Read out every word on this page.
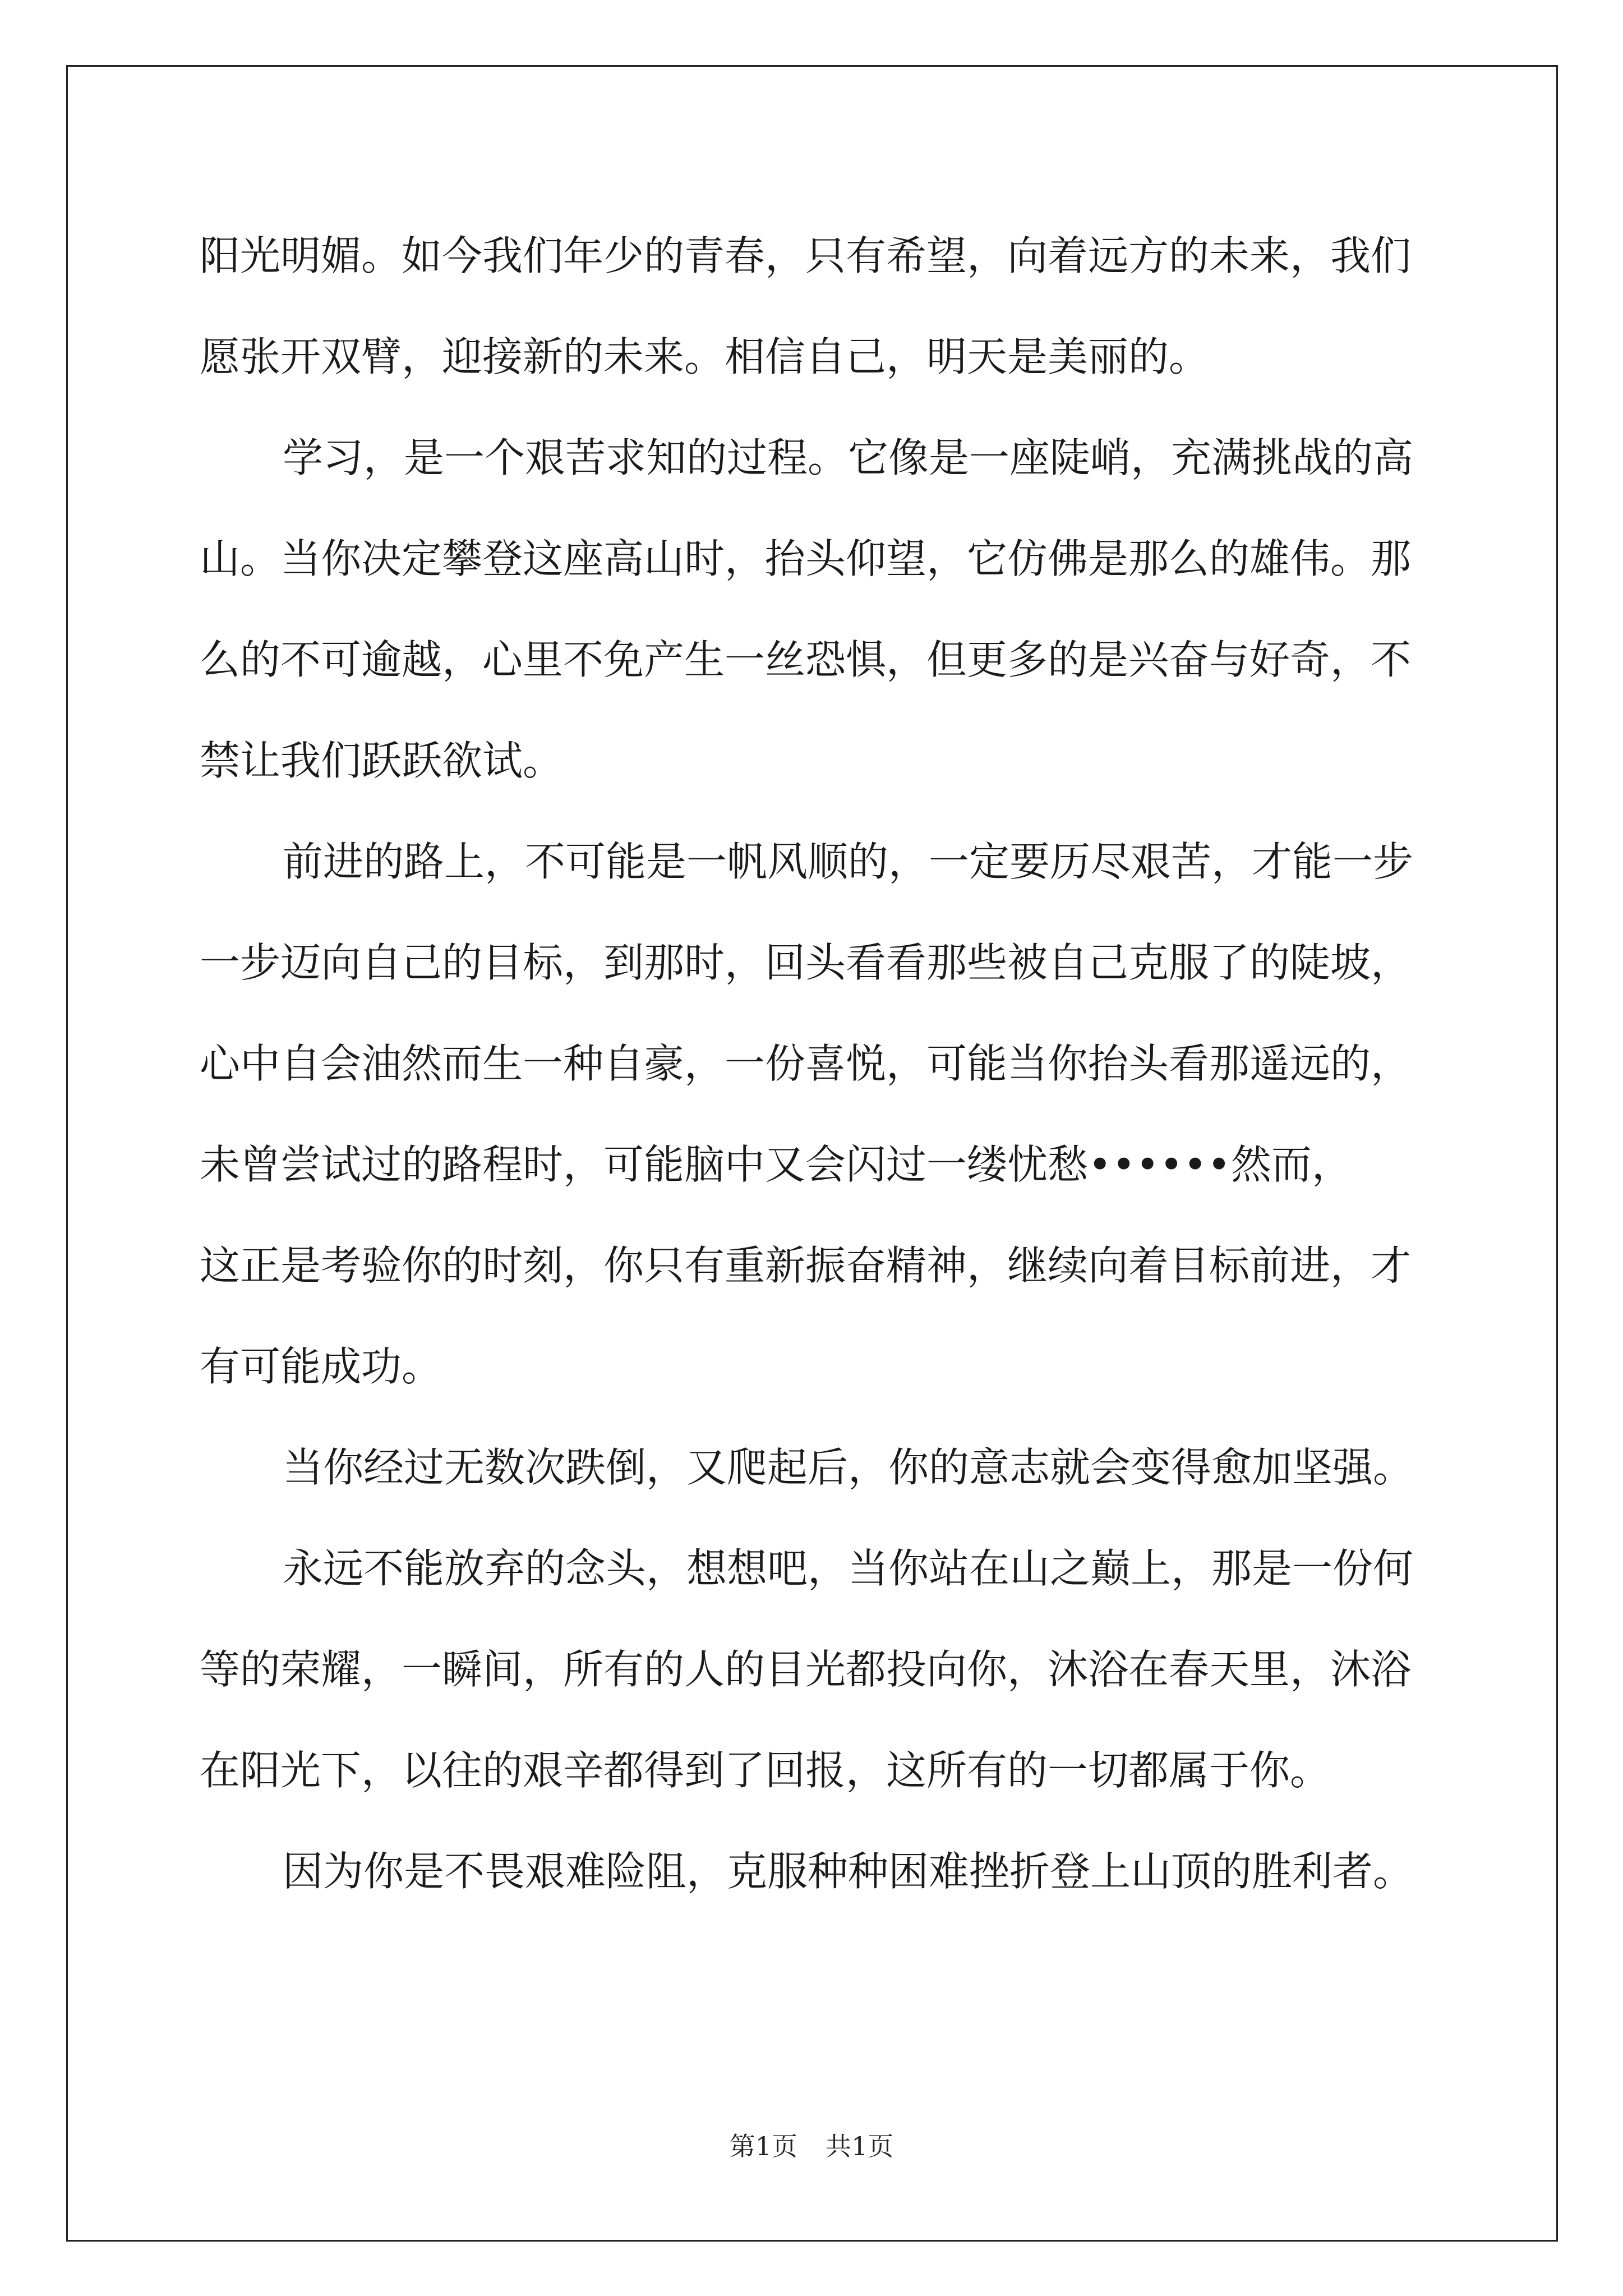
阳光明媚。如今我们年少的青春，只有希望，向着远方的未来，我们
愿张开双臂，迎接新的未来。相信自己，明天是美丽的。
学习，是一个艰苦求知的过程。它像是一座陡峭，充满挑战的高
山。当你决定攀登这座高山时，抬头仰望，它仿佛是那么的雄伟。那
么的不可逾越，心里不免产生一丝恐惧，但更多的是兴奋与好奇，不
禁让我们跃跃欲试。
前进的路上，不可能是一帆风顺的，一定要历尽艰苦，才能一步
一步迈向自己的目标，到那时，回头看看那些被自己克服了的陡坡，
心中自会油然而生一种自豪，一份喜悦，可能当你抬头看那遥远的，
未曾尝试过的路程时，可能脑中又会闪过一缕忧愁••••••然而，
这正是考验你的时刻，你只有重新振奋精神，继续向着目标前进，才
有可能成功。
当你经过无数次跌倒，又爬起后，你的意志就会变得愈加坚强。
永远不能放弃的念头，想想吧，当你站在山之巅上，那是一份何
等的荣耀，一瞬间，所有的人的目光都投向你，沐浴在春天里，沐浴
在阳光下，以往的艰辛都得到了回报，这所有的一切都属于你。
因为你是不畏艰难险阻，克服种种困难挫折登上山顶的胜利者。
第1页 共1页
